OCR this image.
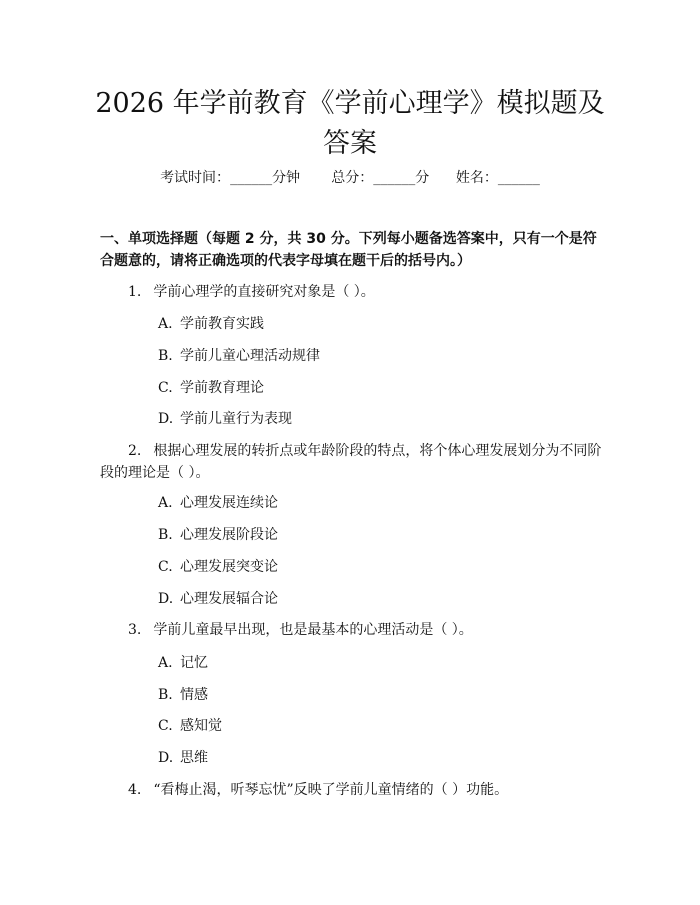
2026 年学前教育《学前心理学》模拟题及答案
考试时间：______分钟 总分：______分 姓名：______
一、单项选择题（每题 2 分，共 30 分。下列每小题备选答案中，只有一个是符合题意的，请将正确选项的代表字母填在题干后的括号内。）
1. 学前心理学的直接研究对象是（ ）。
A. 学前教育实践
B. 学前儿童心理活动规律
C. 学前教育理论
D. 学前儿童行为表现
2. 根据心理发展的转折点或年龄阶段的特点，将个体心理发展划分为不同阶段的理论是（ ）。
A. 心理发展连续论
B. 心理发展阶段论
C. 心理发展突变论
D. 心理发展辐合论
3. 学前儿童最早出现，也是最基本的心理活动是（ ）。
A. 记忆
B. 情感
C. 感知觉
D. 思维
4. “看梅止渴，听琴忘忧”反映了学前儿童情绪的（ ）功能。
